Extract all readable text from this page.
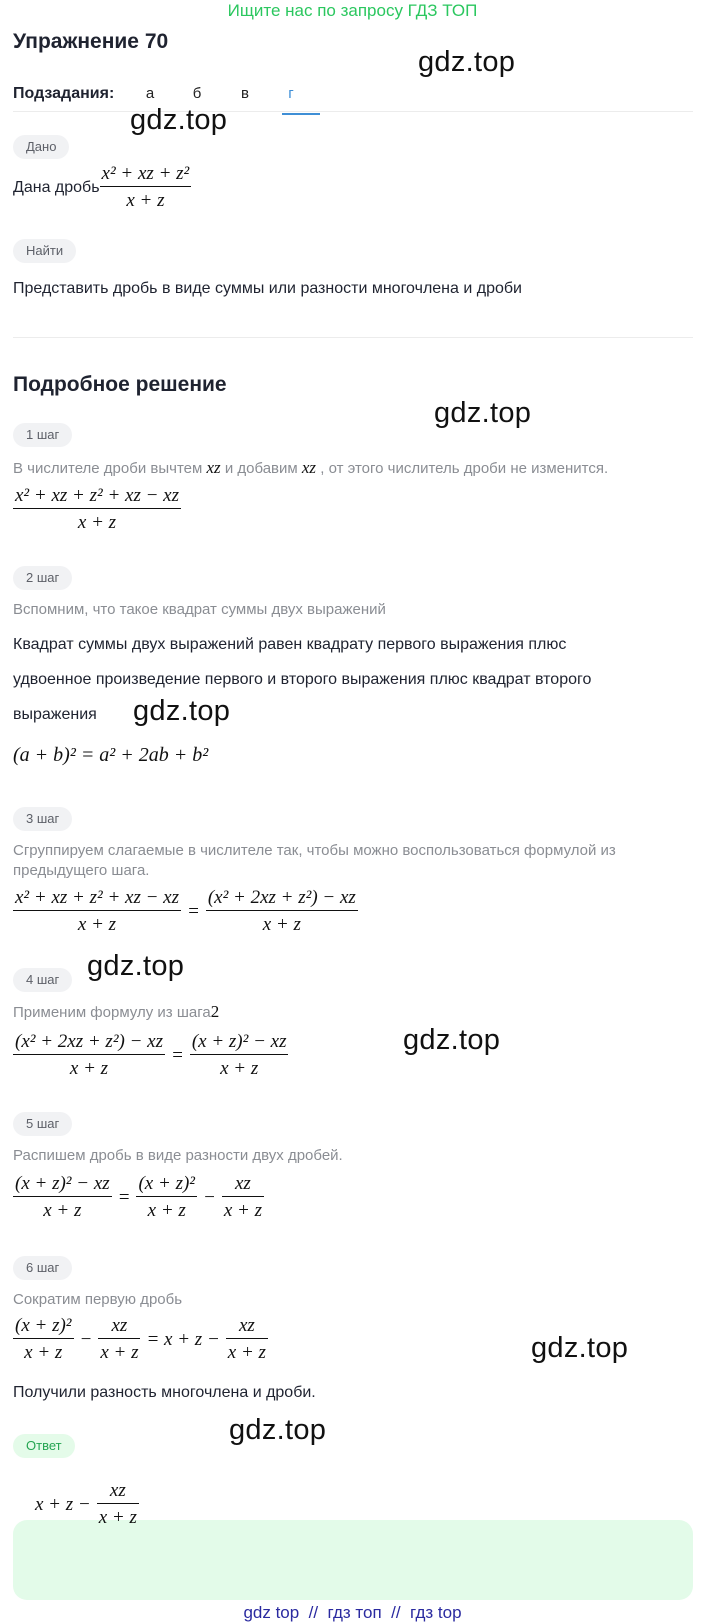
Ищите нас по запросу ГДЗ ТОП
Упражнение 70
gdz.top
Подзадания:	а	б	в	г
gdz.top
Дано
Дана дробь $\frac{\text{x² + xz + z²}}{x + z}$
Найти
Представить дробь в виде суммы или разности многочлена и дроби
Подробное решение
gdz.top
1 шаг
В числителе дроби вычтем xz и добавим xz , от этого числитель дроби не изменится.
$\frac{\text{x² + xz + z² + xz − xz}}{x + z}$
2 шаг
Вспомним, что такое квадрат суммы двух выражений
Квадрат суммы двух выражений равен квадрату первого выражения плюс
удвоенное произведение первого и второго выражения плюс квадрат второго
выражения gdz.top
(a + b)² = a² + 2ab + b²
3 шаг
Сгруппируем слагаемые в числителе так, чтобы можно воспользоваться формулой из
предыдущего шага.
$\frac{\text{x² + xz + z² + xz − xz}}{x + z} = \frac{\text{(x² + 2xz + z²) − xz}}{x + z}$
gdz.top
4 шаг
Применим формулу из шага2
$\frac{\text{(x² + 2xz + z²) − xz}}{x + z} = \frac{\text{(x + z)² − xz}}{x + z}$	gdz.top
5 шаг
Распишем дробь в виде разности двух дробей.
$\frac{\text{(x + z)² − xz}}{x + z} = \frac{\text{(x + z)²}}{x + z} - \frac{xz}{x + z}$
6 шаг
Сократим первую дробь
$\frac{\text{(x + z)²}}{x + z} - \frac{xz}{x + z} = x + z - \frac{xz}{x + z}$	gdz.top
Получили разность многочлена и дроби.
gdz.top
Ответ
$x + z - \frac{xz}{x + z}$
gdz top  //  гдз топ  //  гдз top
